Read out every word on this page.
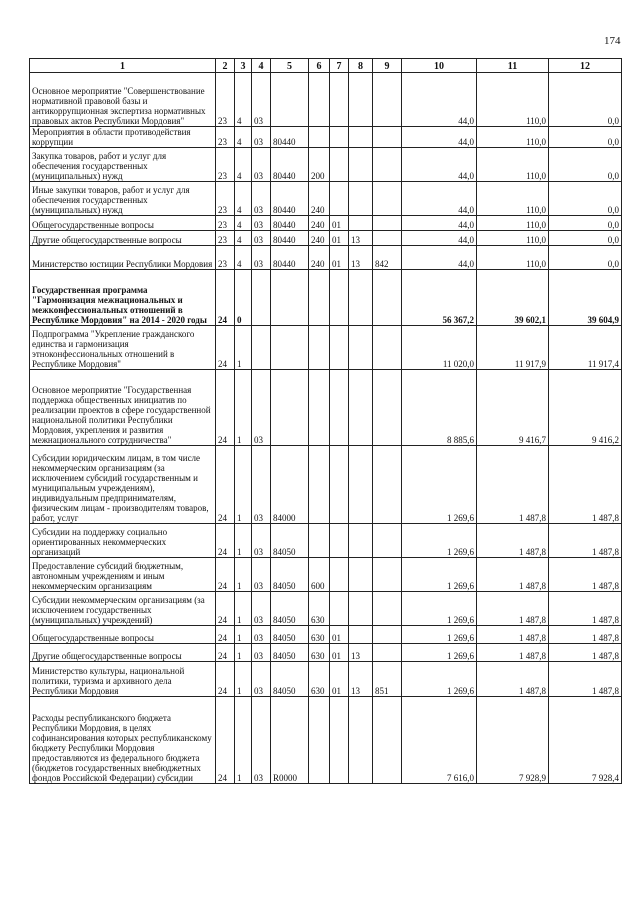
174
1	2	3	4	5	6	7	8	9	10	11	12
Основное мероприятие "Совершенствование нормативной правовой базы и антикоррупционная экспертиза нормативных правовых актов Республики Мордовия"	23	4	03						44,0	110,0	0,0
Мероприятия в области противодействия коррупции	23	4	03	80440					44,0	110,0	0,0
Закупка товаров, работ и услуг для обеспечения государственных (муниципальных) нужд	23	4	03	80440	200				44,0	110,0	0,0
Иные закупки товаров, работ и услуг для обеспечения государственных (муниципальных) нужд	23	4	03	80440	240				44,0	110,0	0,0
Общегосударственные вопросы	23	4	03	80440	240	01			44,0	110,0	0,0
Другие общегосударственные вопросы	23	4	03	80440	240	01	13		44,0	110,0	0,0
Министерство юстиции Республики Мордовия	23	4	03	80440	240	01	13	842	44,0	110,0	0,0
Государственная программа "Гармонизация межнациональных и межконфессиональных отношений в Республике Мордовия" на 2014 - 2020 годы	24	0							56 367,2	39 602,1	39 604,9
Подпрограмма "Укрепление гражданского единства и гармонизация этноконфессиональных отношений в Республике Мордовия"	24	1							11 020,0	11 917,9	11 917,4
Основное мероприятие "Государственная поддержка общественных инициатив по реализации проектов в сфере государственной национальной политики Республики Мордовия, укрепления и развития межнационального сотрудничества"	24	1	03						8 885,6	9 416,7	9 416,2
Субсидии юридическим лицам, в том числе некоммерческим организациям (за исключением субсидий государственным и муниципальным учреждениям), индивидуальным предпринимателям, физическим лицам - производителям товаров, работ, услуг	24	1	03	84000					1 269,6	1 487,8	1 487,8
Субсидии на поддержку социально ориентированных некоммерческих организаций	24	1	03	84050					1 269,6	1 487,8	1 487,8
Предоставление субсидий бюджетным, автономным учреждениям и иным некоммерческим организациям	24	1	03	84050	600				1 269,6	1 487,8	1 487,8
Субсидии некоммерческим организациям (за исключением государственных (муниципальных) учреждений)	24	1	03	84050	630				1 269,6	1 487,8	1 487,8
Общегосударственные вопросы	24	1	03	84050	630	01			1 269,6	1 487,8	1 487,8
Другие общегосударственные вопросы	24	1	03	84050	630	01	13		1 269,6	1 487,8	1 487,8
Министерство культуры, национальной политики, туризма и архивного дела Республики Мордовия	24	1	03	84050	630	01	13	851	1 269,6	1 487,8	1 487,8
Расходы республиканского бюджета Республики Мордовия, в целях софинансирования которых республиканскому бюджету Республики Мордовия предоставляются из федерального бюджета (бюджетов государственных внебюджетных фондов Российской Федерации) субсидии	24	1	03	R0000					7 616,0	7 928,9	7 928,4
